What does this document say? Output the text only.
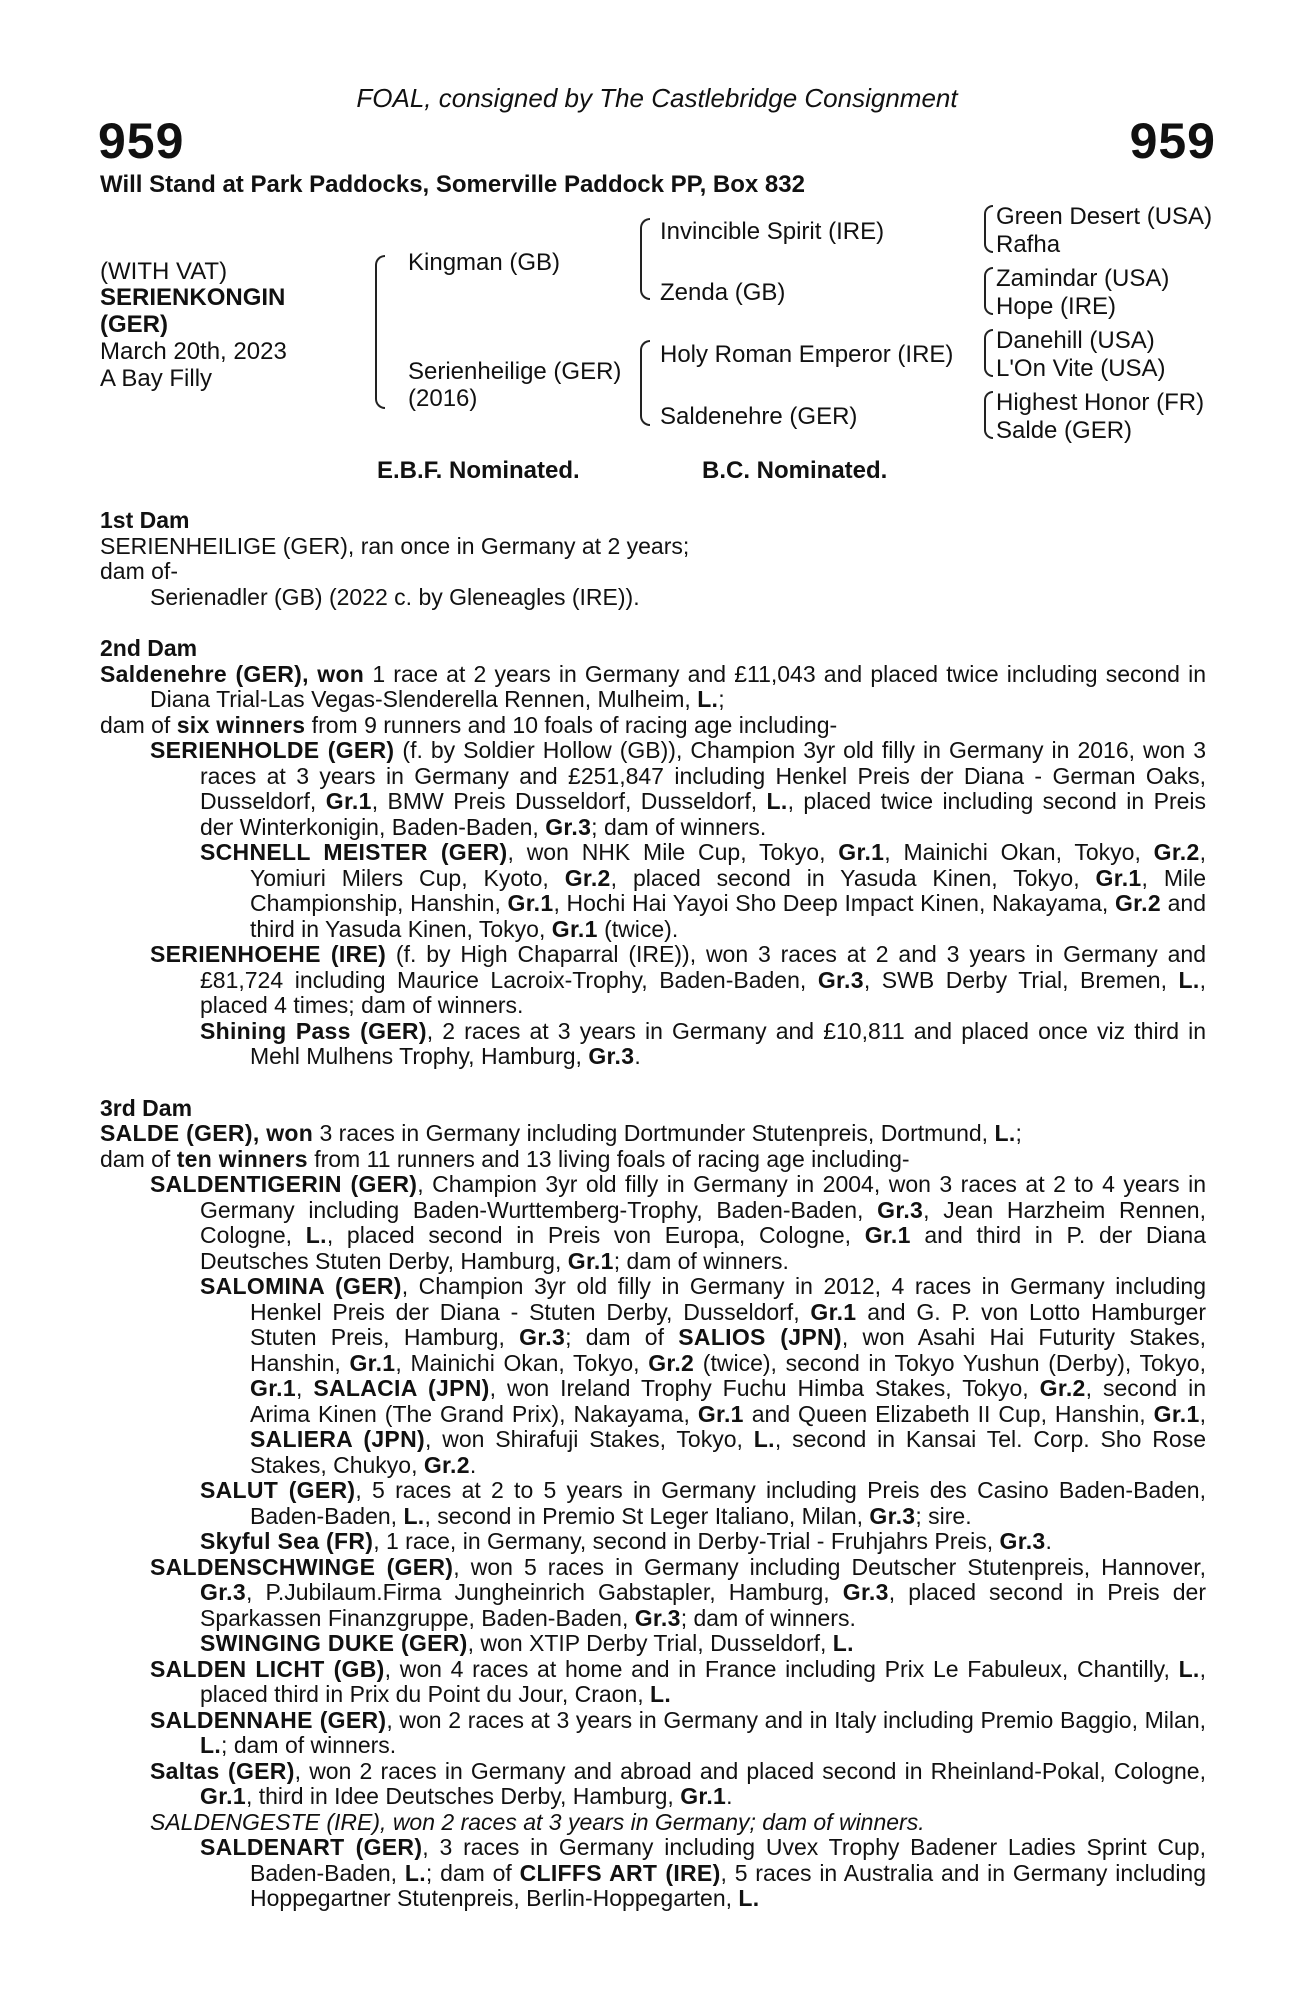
FOAL, consigned by The Castlebridge Consignment
959	959
Will Stand at Park Paddocks, Somerville Paddock PP, Box 832
(WITH VAT)
SERIENKONGIN
(GER)
March 20th, 2023
A Bay Filly
Kingman (GB)
Serienheilige (GER)
(2016)
Invincible Spirit (IRE)
Zenda (GB)
Holy Roman Emperor (IRE)
Saldenehre (GER)
Green Desert (USA)
Rafha
Zamindar (USA)
Hope (IRE)
Danehill (USA)
L'On Vite (USA)
Highest Honor (FR)
Salde (GER)
E.B.F. Nominated.	B.C. Nominated.
1st Dam
SERIENHEILIGE (GER), ran once in Germany at 2 years;
dam of-
Serienadler (GB) (2022 c. by Gleneagles (IRE)).
2nd Dam
Saldenehre (GER), won 1 race at 2 years in Germany and £11,043 and placed twice including second in Diana Trial-Las Vegas-Slenderella Rennen, Mulheim, L.;
dam of six winners from 9 runners and 10 foals of racing age including-
SERIENHOLDE (GER) (f. by Soldier Hollow (GB)), Champion 3yr old filly in Germany in 2016, won 3 races at 3 years in Germany and £251,847 including Henkel Preis der Diana - German Oaks, Dusseldorf, Gr.1, BMW Preis Dusseldorf, Dusseldorf, L., placed twice including second in Preis der Winterkonigin, Baden-Baden, Gr.3; dam of winners.
SCHNELL MEISTER (GER), won NHK Mile Cup, Tokyo, Gr.1, Mainichi Okan, Tokyo, Gr.2, Yomiuri Milers Cup, Kyoto, Gr.2, placed second in Yasuda Kinen, Tokyo, Gr.1, Mile Championship, Hanshin, Gr.1, Hochi Hai Yayoi Sho Deep Impact Kinen, Nakayama, Gr.2 and third in Yasuda Kinen, Tokyo, Gr.1 (twice).
SERIENHOEHE (IRE) (f. by High Chaparral (IRE)), won 3 races at 2 and 3 years in Germany and £81,724 including Maurice Lacroix-Trophy, Baden-Baden, Gr.3, SWB Derby Trial, Bremen, L., placed 4 times; dam of winners.
Shining Pass (GER), 2 races at 3 years in Germany and £10,811 and placed once viz third in Mehl Mulhens Trophy, Hamburg, Gr.3.
3rd Dam
SALDE (GER), won 3 races in Germany including Dortmunder Stutenpreis, Dortmund, L.;
dam of ten winners from 11 runners and 13 living foals of racing age including-
SALDENTIGERIN (GER), Champion 3yr old filly in Germany in 2004, won 3 races at 2 to 4 years in Germany including Baden-Wurttemberg-Trophy, Baden-Baden, Gr.3, Jean Harzheim Rennen, Cologne, L., placed second in Preis von Europa, Cologne, Gr.1 and third in P. der Diana Deutsches Stuten Derby, Hamburg, Gr.1; dam of winners.
SALOMINA (GER), Champion 3yr old filly in Germany in 2012, 4 races in Germany including Henkel Preis der Diana - Stuten Derby, Dusseldorf, Gr.1 and G. P. von Lotto Hamburger Stuten Preis, Hamburg, Gr.3; dam of SALIOS (JPN), won Asahi Hai Futurity Stakes, Hanshin, Gr.1, Mainichi Okan, Tokyo, Gr.2 (twice), second in Tokyo Yushun (Derby), Tokyo, Gr.1, SALACIA (JPN), won Ireland Trophy Fuchu Himba Stakes, Tokyo, Gr.2, second in Arima Kinen (The Grand Prix), Nakayama, Gr.1 and Queen Elizabeth II Cup, Hanshin, Gr.1, SALIERA (JPN), won Shirafuji Stakes, Tokyo, L., second in Kansai Tel. Corp. Sho Rose Stakes, Chukyo, Gr.2.
SALUT (GER), 5 races at 2 to 5 years in Germany including Preis des Casino Baden-Baden, Baden-Baden, L., second in Premio St Leger Italiano, Milan, Gr.3; sire.
Skyful Sea (FR), 1 race, in Germany, second in Derby-Trial - Fruhjahrs Preis, Gr.3.
SALDENSCHWINGE (GER), won 5 races in Germany including Deutscher Stutenpreis, Hannover, Gr.3, P.Jubilaum.Firma Jungheinrich Gabstapler, Hamburg, Gr.3, placed second in Preis der Sparkassen Finanzgruppe, Baden-Baden, Gr.3; dam of winners.
SWINGING DUKE (GER), won XTIP Derby Trial, Dusseldorf, L.
SALDEN LICHT (GB), won 4 races at home and in France including Prix Le Fabuleux, Chantilly, L., placed third in Prix du Point du Jour, Craon, L.
SALDENNAHE (GER), won 2 races at 3 years in Germany and in Italy including Premio Baggio, Milan, L.; dam of winners.
Saltas (GER), won 2 races in Germany and abroad and placed second in Rheinland-Pokal, Cologne, Gr.1, third in Idee Deutsches Derby, Hamburg, Gr.1.
SALDENGESTE (IRE), won 2 races at 3 years in Germany; dam of winners.
SALDENART (GER), 3 races in Germany including Uvex Trophy Badener Ladies Sprint Cup, Baden-Baden, L.; dam of CLIFFS ART (IRE), 5 races in Australia and in Germany including Hoppegartner Stutenpreis, Berlin-Hoppegarten, L.
